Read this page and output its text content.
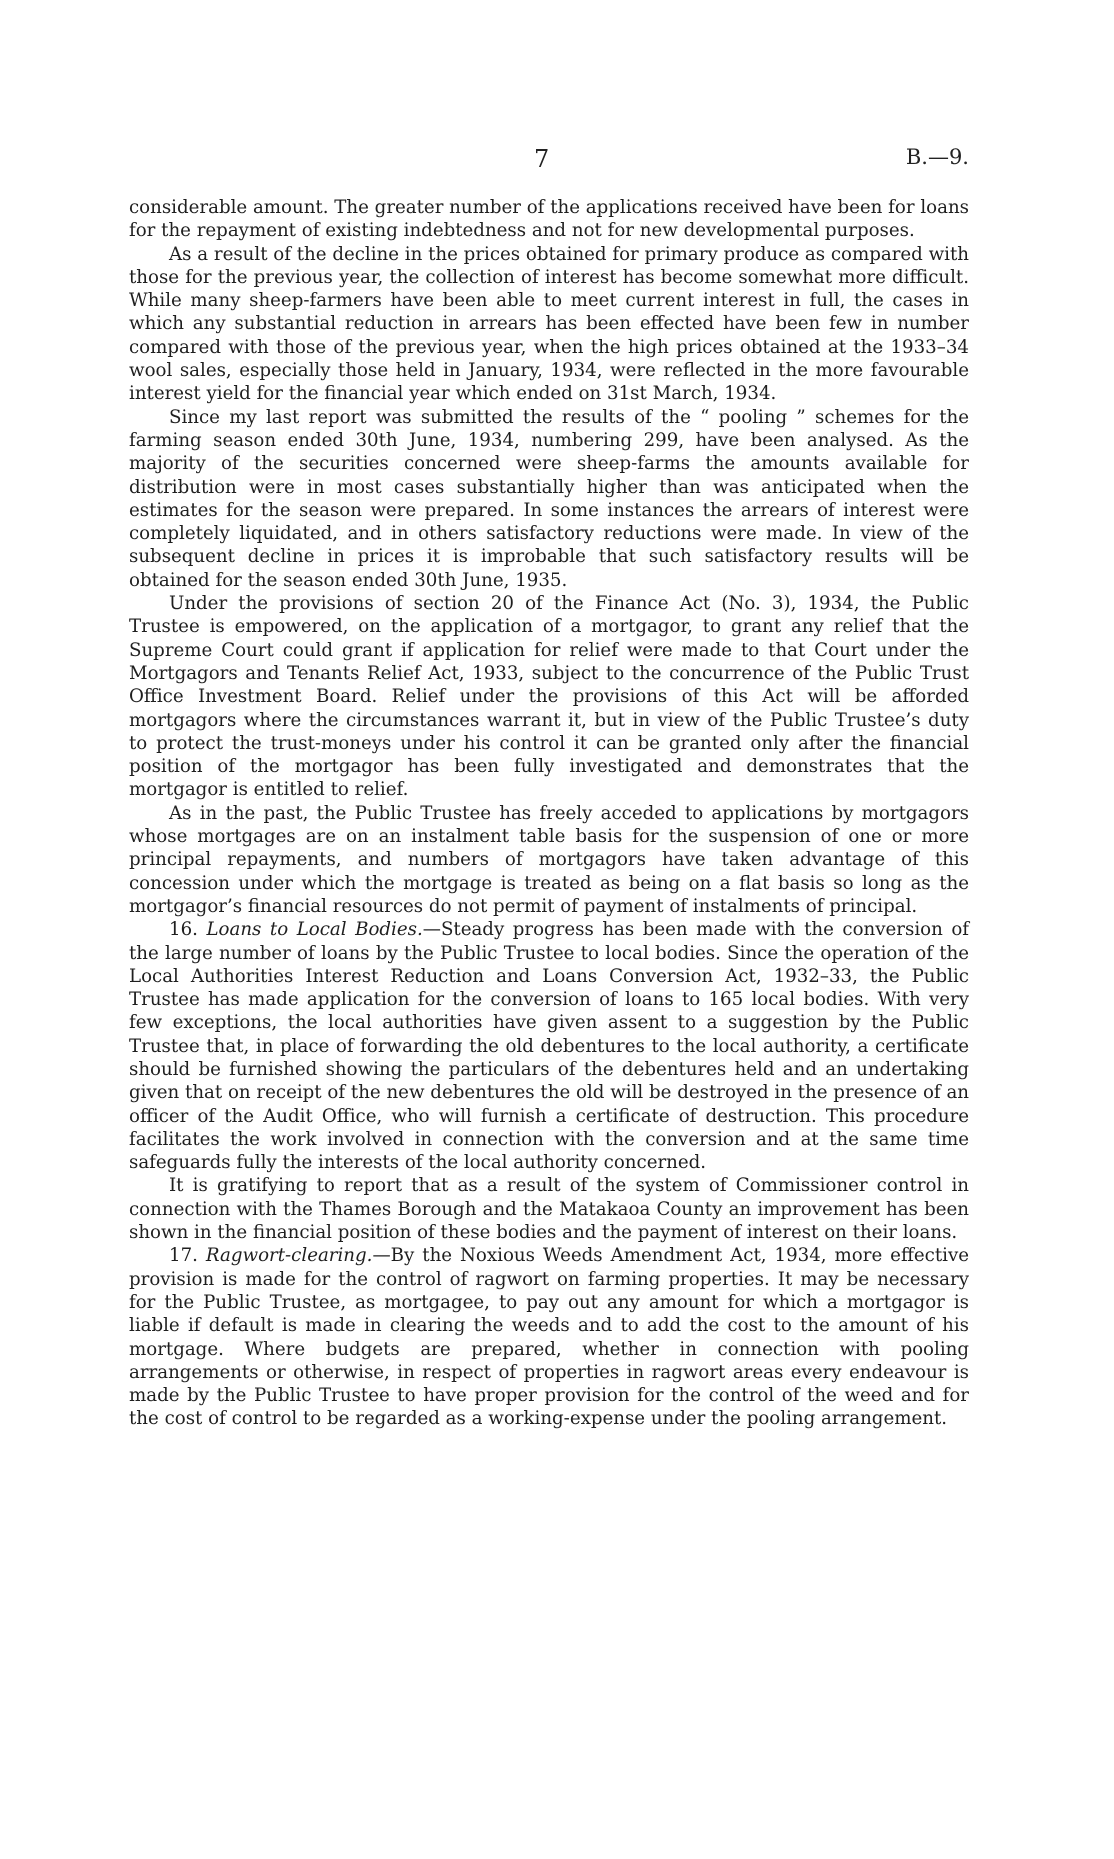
7	B.—9.

considerable amount. The greater number of the applications received have been for loans for the repayment of existing indebtedness and not for new developmental purposes.

As a result of the decline in the prices obtained for primary produce as compared with those for the previous year, the collection of interest has become somewhat more difficult. While many sheep-farmers have been able to meet current interest in full, the cases in which any substantial reduction in arrears has been effected have been few in number compared with those of the previous year, when the high prices obtained at the 1933–34 wool sales, especially those held in January, 1934, were reflected in the more favourable interest yield for the financial year which ended on 31st March, 1934.

Since my last report was submitted the results of the “ pooling ” schemes for the farming season ended 30th June, 1934, numbering 299, have been analysed. As the majority of the securities concerned were sheep-farms the amounts available for distribution were in most cases substantially higher than was anticipated when the estimates for the season were prepared. In some instances the arrears of interest were completely liquidated, and in others satisfactory reductions were made. In view of the subsequent decline in prices it is improbable that such satisfactory results will be obtained for the season ended 30th June, 1935.

Under the provisions of section 20 of the Finance Act (No. 3), 1934, the Public Trustee is empowered, on the application of a mortgagor, to grant any relief that the Supreme Court could grant if application for relief were made to that Court under the Mortgagors and Tenants Relief Act, 1933, subject to the concurrence of the Public Trust Office Investment Board. Relief under the provisions of this Act will be afforded mortgagors where the circumstances warrant it, but in view of the Public Trustee’s duty to protect the trust-moneys under his control it can be granted only after the financial position of the mortgagor has been fully investigated and demonstrates that the mortgagor is entitled to relief.

As in the past, the Public Trustee has freely acceded to applications by mortgagors whose mortgages are on an instalment table basis for the suspension of one or more principal repayments, and numbers of mortgagors have taken advantage of this concession under which the mortgage is treated as being on a flat basis so long as the mortgagor’s financial resources do not permit of payment of instalments of principal.

16. Loans to Local Bodies.—Steady progress has been made with the conversion of the large number of loans by the Public Trustee to local bodies. Since the operation of the Local Authorities Interest Reduction and Loans Conversion Act, 1932–33, the Public Trustee has made application for the conversion of loans to 165 local bodies. With very few exceptions, the local authorities have given assent to a suggestion by the Public Trustee that, in place of forwarding the old debentures to the local authority, a certificate should be furnished showing the particulars of the debentures held and an undertaking given that on receipt of the new debentures the old will be destroyed in the presence of an officer of the Audit Office, who will furnish a certificate of destruction. This procedure facilitates the work involved in connection with the conversion and at the same time safeguards fully the interests of the local authority concerned.

It is gratifying to report that as a result of the system of Commissioner control in connection with the Thames Borough and the Matakaoa County an improvement has been shown in the financial position of these bodies and the payment of interest on their loans.

17. Ragwort-clearing.—By the Noxious Weeds Amendment Act, 1934, more effective provision is made for the control of ragwort on farming properties. It may be necessary for the Public Trustee, as mortgagee, to pay out any amount for which a mortgagor is liable if default is made in clearing the weeds and to add the cost to the amount of his mortgage. Where budgets are prepared, whether in connection with pooling arrangements or otherwise, in respect of properties in ragwort areas every endeavour is made by the Public Trustee to have proper provision for the control of the weed and for the cost of control to be regarded as a working-expense under the pooling arrangement.
